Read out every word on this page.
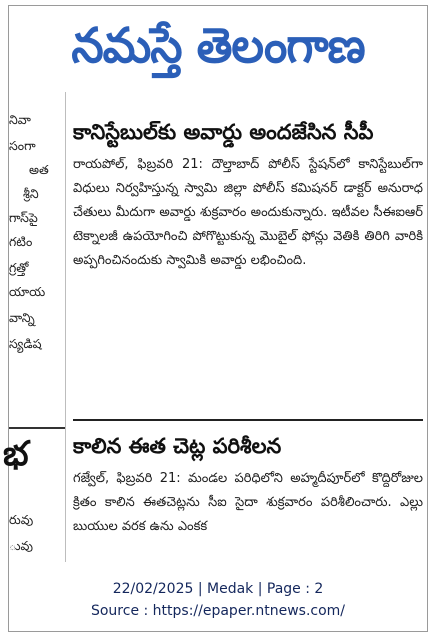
నమస్తే తెలంగాణ
నివా
సంగా
అత
శ్రీని
గాస్‌పై
గటిం
గ్రత్తో
యాయ
వాన్ని
స్యడిష
భ
రువు
ువు
కానిస్టేబుల్‌కు అవార్డు అందజేసిన సీపీ

రాయపోల్‌, ఫిబ్రవరి 21: దౌల్తాబాద్‌ పోలీస్‌ స్టేషన్‌లో కానిస్టేబుల్‌గా విధులు నిర్వహిస్తున్న స్వామి జిల్లా పోలీస్‌ కమిషనర్‌ డాక్టర్‌ అనురాధ చేతులు మీదుగా అవార్డు శుక్రవారం అందుకున్నారు. ఇటీవల సీఈఐఆర్‌ టెక్నాలజీ ఉపయోగించి పోగొట్టుకున్న మొబైల్‌ ఫోన్లు వెతికి తిరిగి వారికి అప్పగించినందుకు స్వామికి అవార్డు లభించింది.

కాలిన ఈత చెట్ల పరిశీలన

గజ్వేల్‌, ఫిబ్రవరి 21: మండల పరిధిలోని అహ్మదీపూర్‌లో కొద్దిరోజుల క్రితం కాలిన ఈతచెట్లను సీఐ సైదా శుక్రవారం పరిశీలించారు. ఎల్లు బుయుల వరక ఉను ఎంకక

22/02/2025 | Medak | Page : 2
Source : https://epaper.ntnews.com/
